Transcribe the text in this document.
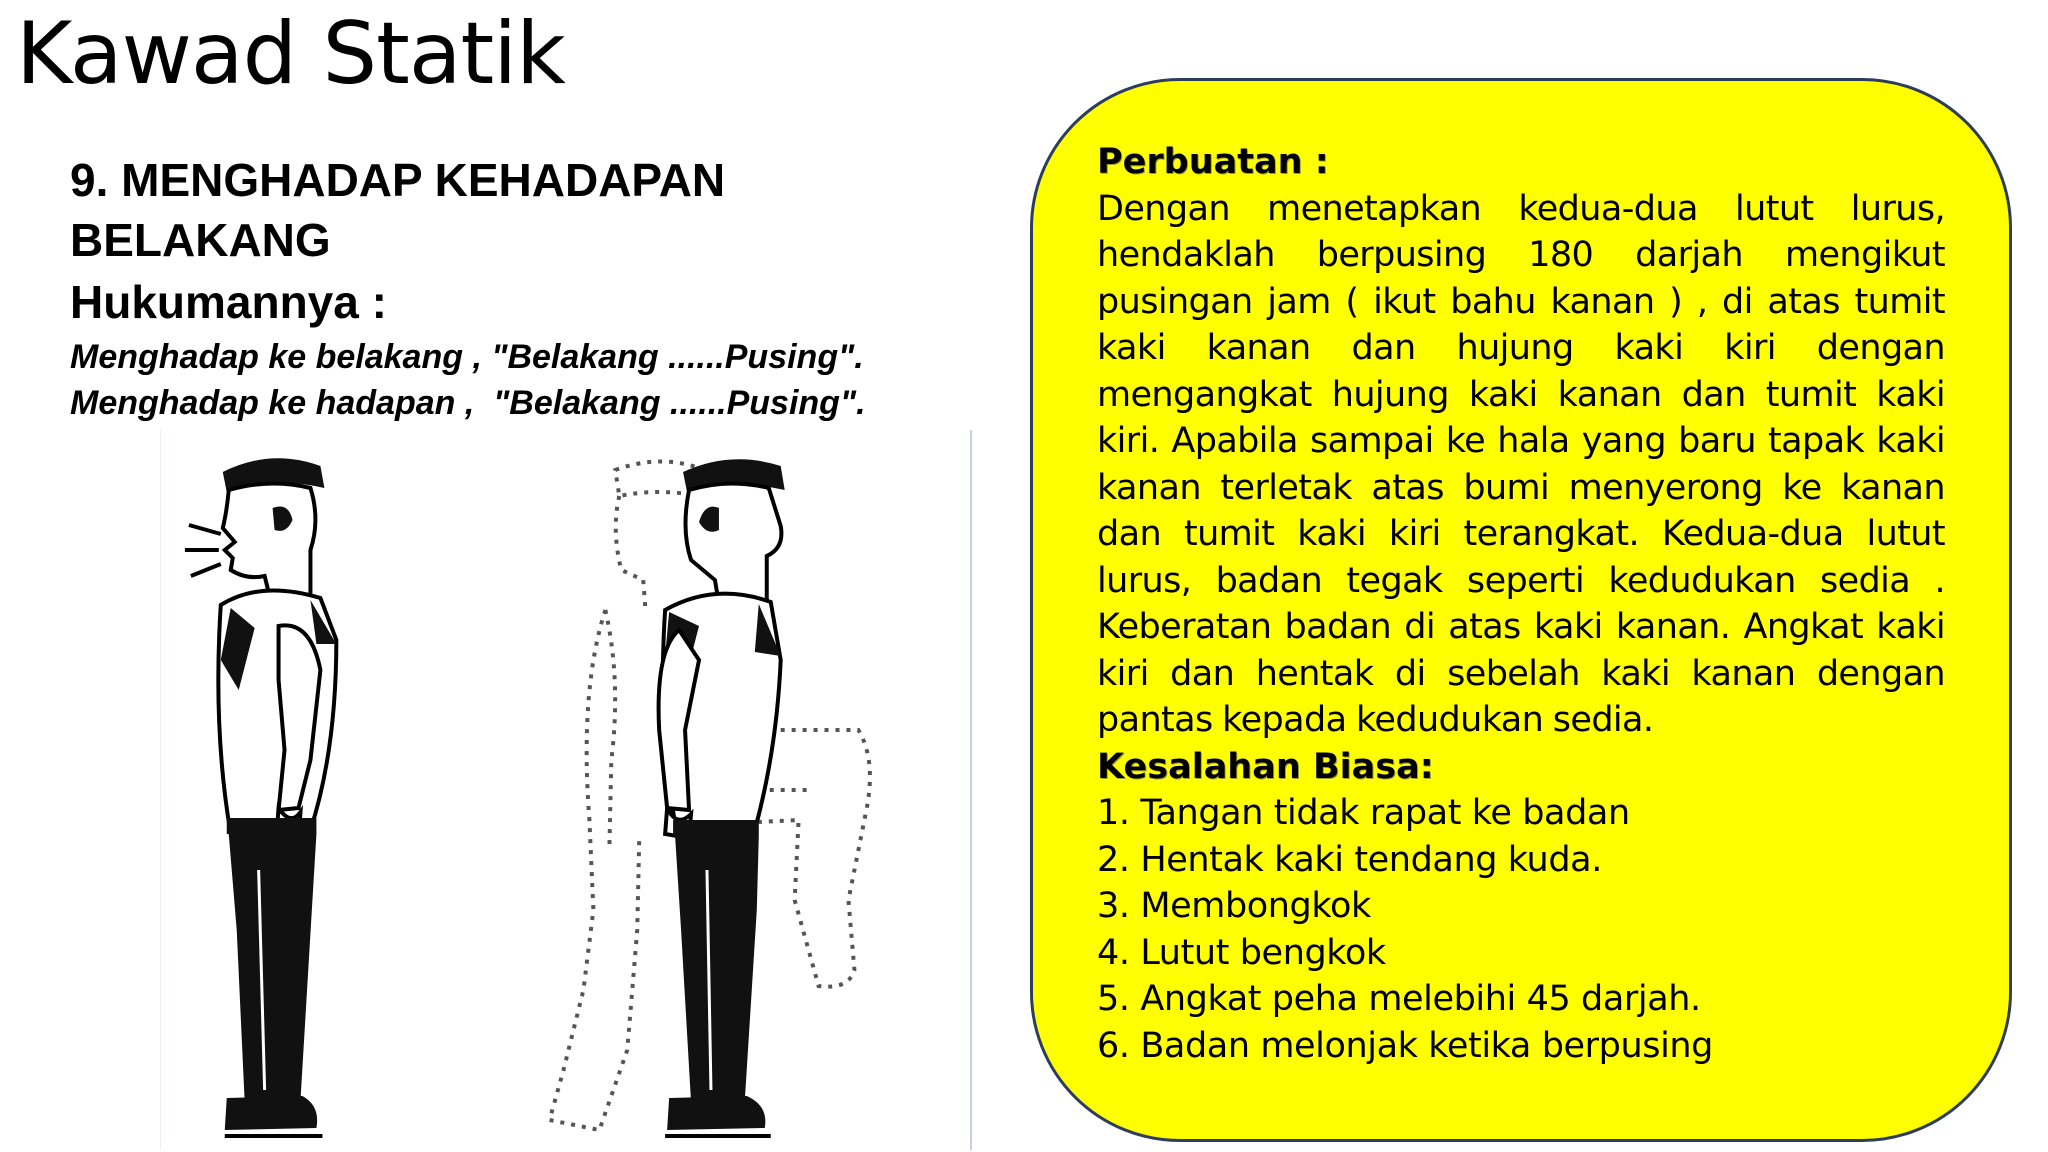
Kawad Statik

9. MENGHADAP KEHADAPAN

BELAKANG

Hukumannya :

Menghadap ke belakang , "Belakang ......Pusing".

Menghadap ke hadapan ,  "Belakang ......Pusing".

Perbuatan :

Dengan menetapkan kedua-dua lutut lurus, hendaklah berpusing 180 darjah mengikut pusingan jam ( ikut bahu kanan ) , di atas tumit kaki kanan dan hujung kaki kiri dengan mengangkat hujung kaki kanan dan tumit kaki kiri. Apabila sampai ke hala yang baru tapak kaki kanan terletak atas bumi menyerong ke kanan dan tumit kaki kiri terangkat. Kedua-dua lutut lurus, badan tegak seperti kedudukan sedia . Keberatan badan di atas kaki kanan. Angkat kaki kiri dan hentak di sebelah kaki kanan dengan pantas kepada kedudukan sedia.

Kesalahan Biasa:

1. Tangan tidak rapat ke badan
2. Hentak kaki tendang kuda.
3. Membongkok
4. Lutut bengkok
5. Angkat peha melebihi 45 darjah.
6. Badan melonjak ketika berpusing
